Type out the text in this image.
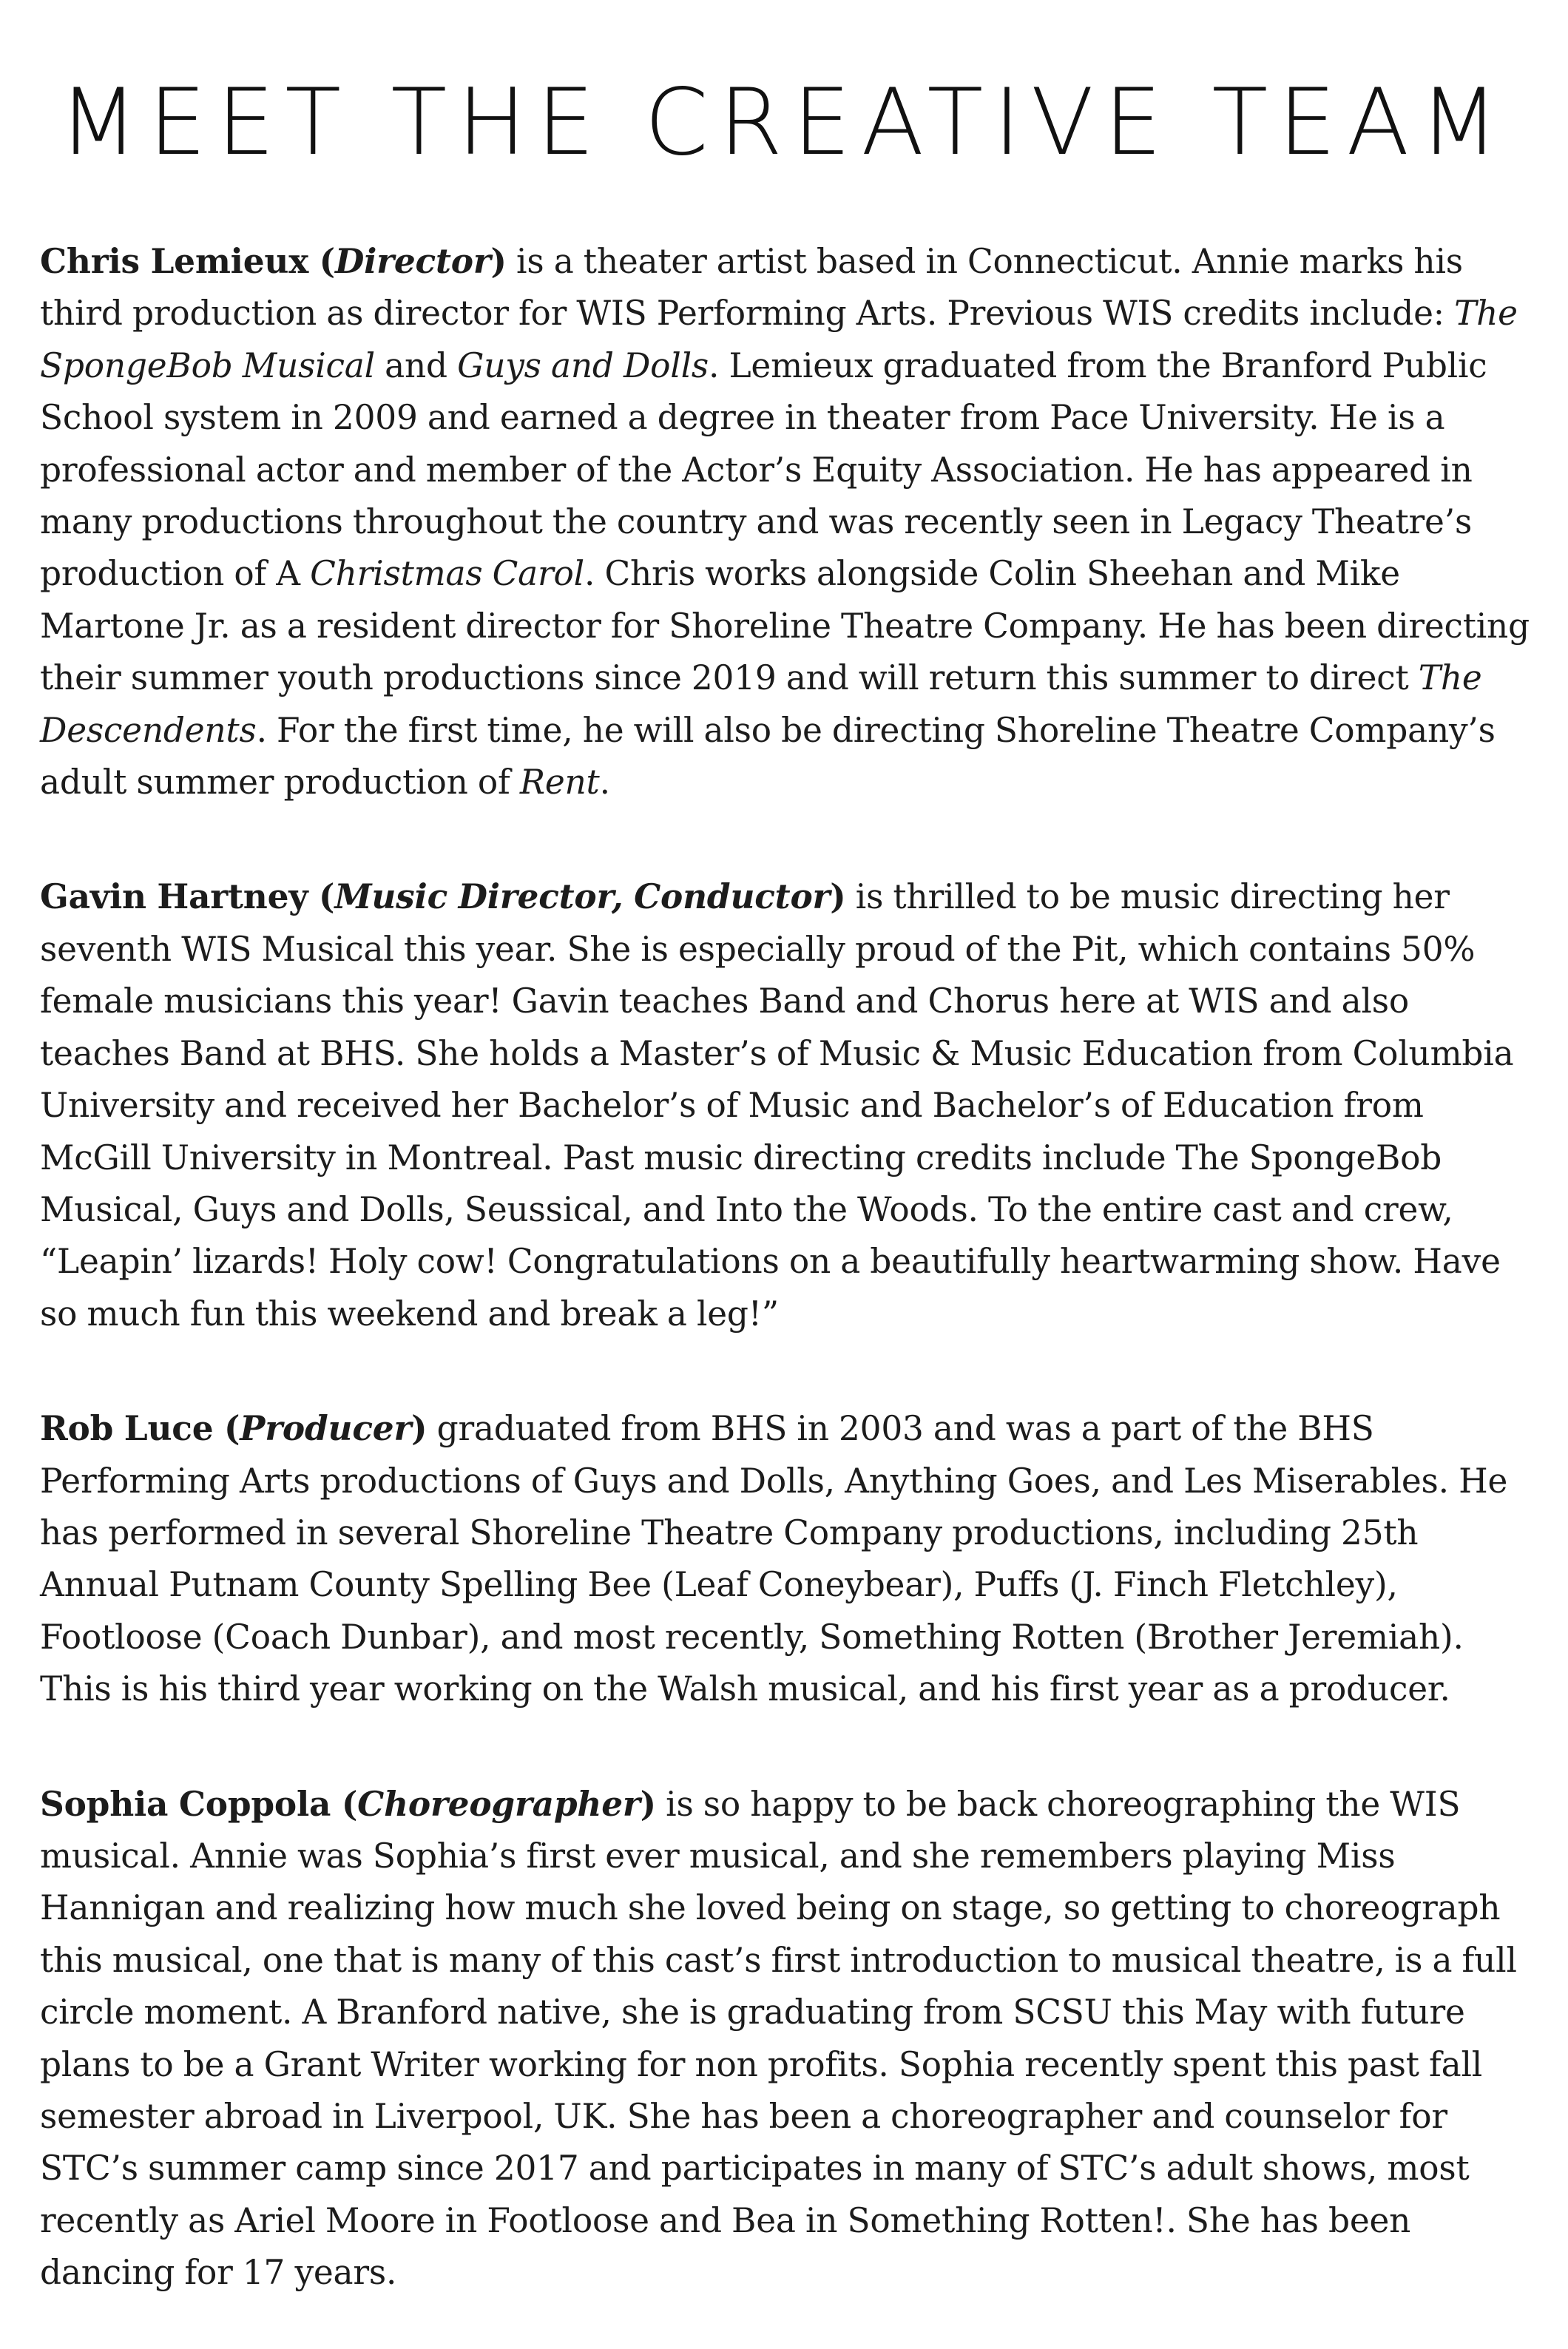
MEET THE CREATIVE TEAM

Chris Lemieux (Director) is a theater artist based in Connecticut. Annie marks his third production as director for WIS Performing Arts. Previous WIS credits include: The SpongeBob Musical and Guys and Dolls. Lemieux graduated from the Branford Public School system in 2009 and earned a degree in theater from Pace University. He is a professional actor and member of the Actor’s Equity Association. He has appeared in many productions throughout the country and was recently seen in Legacy Theatre’s production of A Christmas Carol. Chris works alongside Colin Sheehan and Mike Martone Jr. as a resident director for Shoreline Theatre Company. He has been directing their summer youth productions since 2019 and will return this summer to direct The Descendents. For the first time, he will also be directing Shoreline Theatre Company’s adult summer production of Rent.

Gavin Hartney (Music Director, Conductor) is thrilled to be music directing her seventh WIS Musical this year. She is especially proud of the Pit, which contains 50% female musicians this year! Gavin teaches Band and Chorus here at WIS and also teaches Band at BHS. She holds a Master’s of Music & Music Education from Columbia University and received her Bachelor’s of Music and Bachelor’s of Education from McGill University in Montreal. Past music directing credits include The SpongeBob Musical, Guys and Dolls, Seussical, and Into the Woods. To the entire cast and crew, “Leapin’ lizards! Holy cow! Congratulations on a beautifully heartwarming show. Have so much fun this weekend and break a leg!”

Rob Luce (Producer) graduated from BHS in 2003 and was a part of the BHS Performing Arts productions of Guys and Dolls, Anything Goes, and Les Miserables. He has performed in several Shoreline Theatre Company productions, including 25th Annual Putnam County Spelling Bee (Leaf Coneybear), Puffs (J. Finch Fletchley), Footloose (Coach Dunbar), and most recently, Something Rotten (Brother Jeremiah). This is his third year working on the Walsh musical, and his first year as a producer.

Sophia Coppola (Choreographer) is so happy to be back choreographing the WIS musical. Annie was Sophia’s first ever musical, and she remembers playing Miss Hannigan and realizing how much she loved being on stage, so getting to choreograph this musical, one that is many of this cast’s first introduction to musical theatre, is a full circle moment. A Branford native, she is graduating from SCSU this May with future plans to be a Grant Writer working for non profits. Sophia recently spent this past fall semester abroad in Liverpool, UK. She has been a choreographer and counselor for STC’s summer camp since 2017 and participates in many of STC’s adult shows, most recently as Ariel Moore in Footloose and Bea in Something Rotten!. She has been dancing for 17 years.
